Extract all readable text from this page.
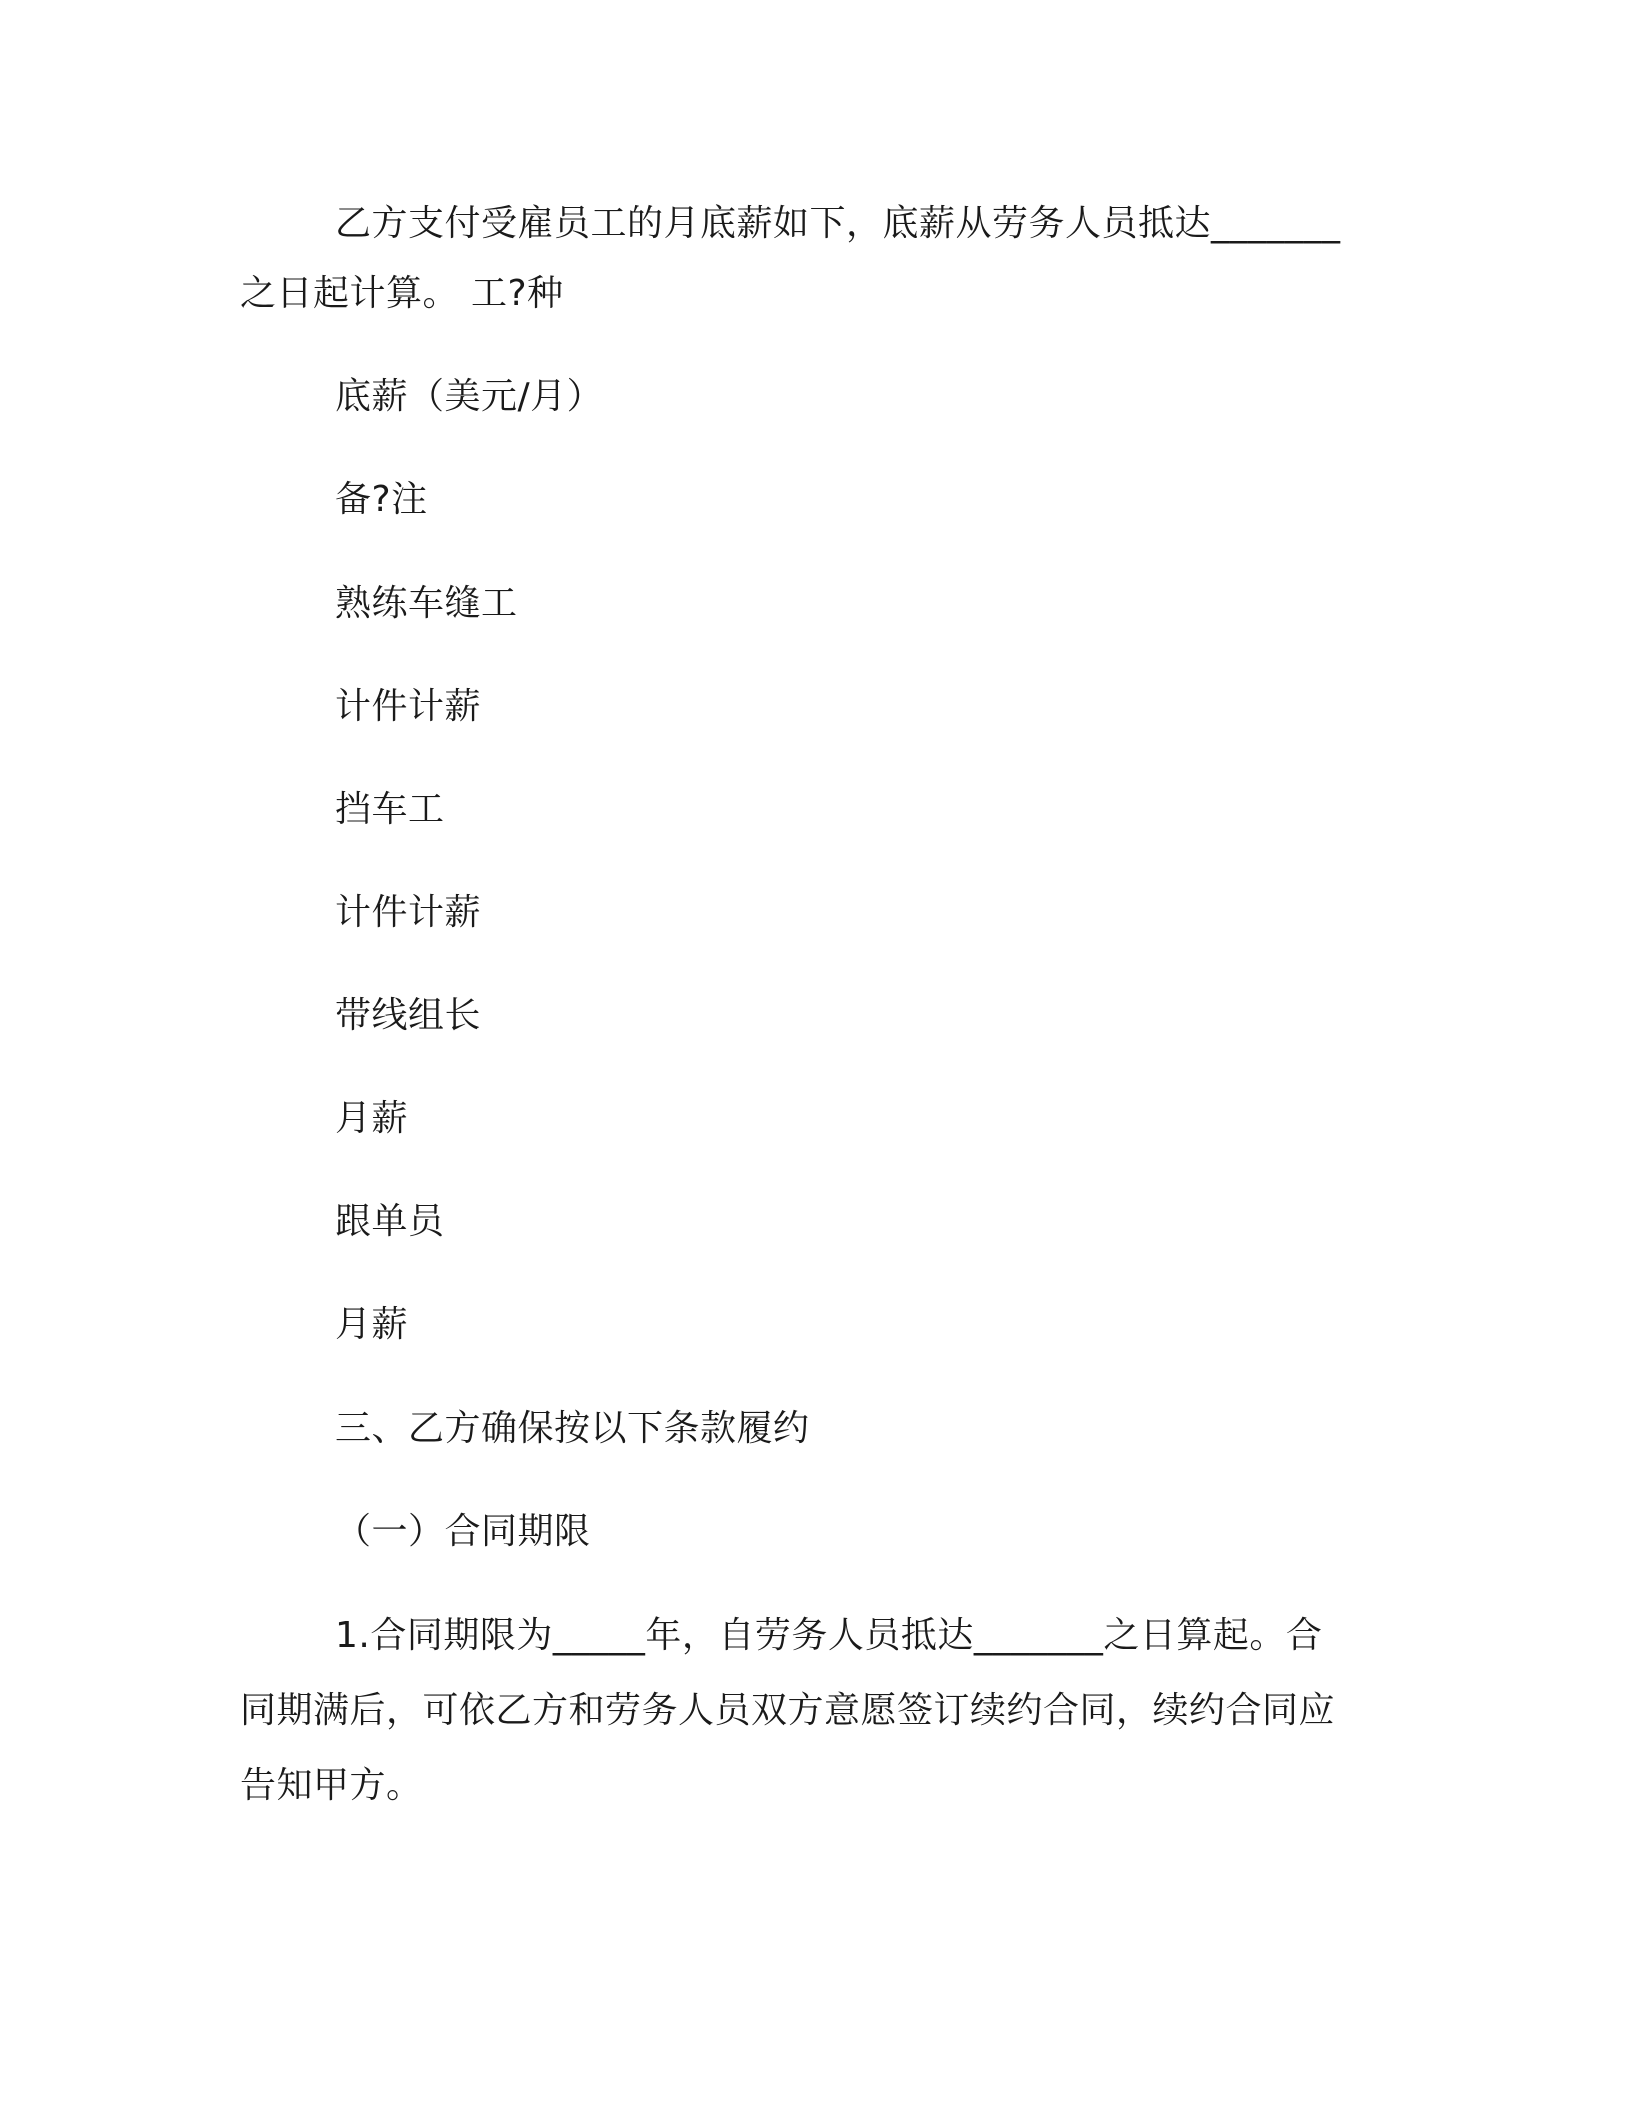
乙方支付受雇员工的月底薪如下，底薪从劳务人员抵达_______
之日起计算。 工?种
底薪（美元/月）
备?注
熟练车缝工
计件计薪
挡车工
计件计薪
带线组长
月薪
跟单员
月薪
三、乙方确保按以下条款履约
（一）合同期限
1.合同期限为_____年，自劳务人员抵达_______之日算起。合
同期满后，可依乙方和劳务人员双方意愿签订续约合同，续约合同应
告知甲方。
